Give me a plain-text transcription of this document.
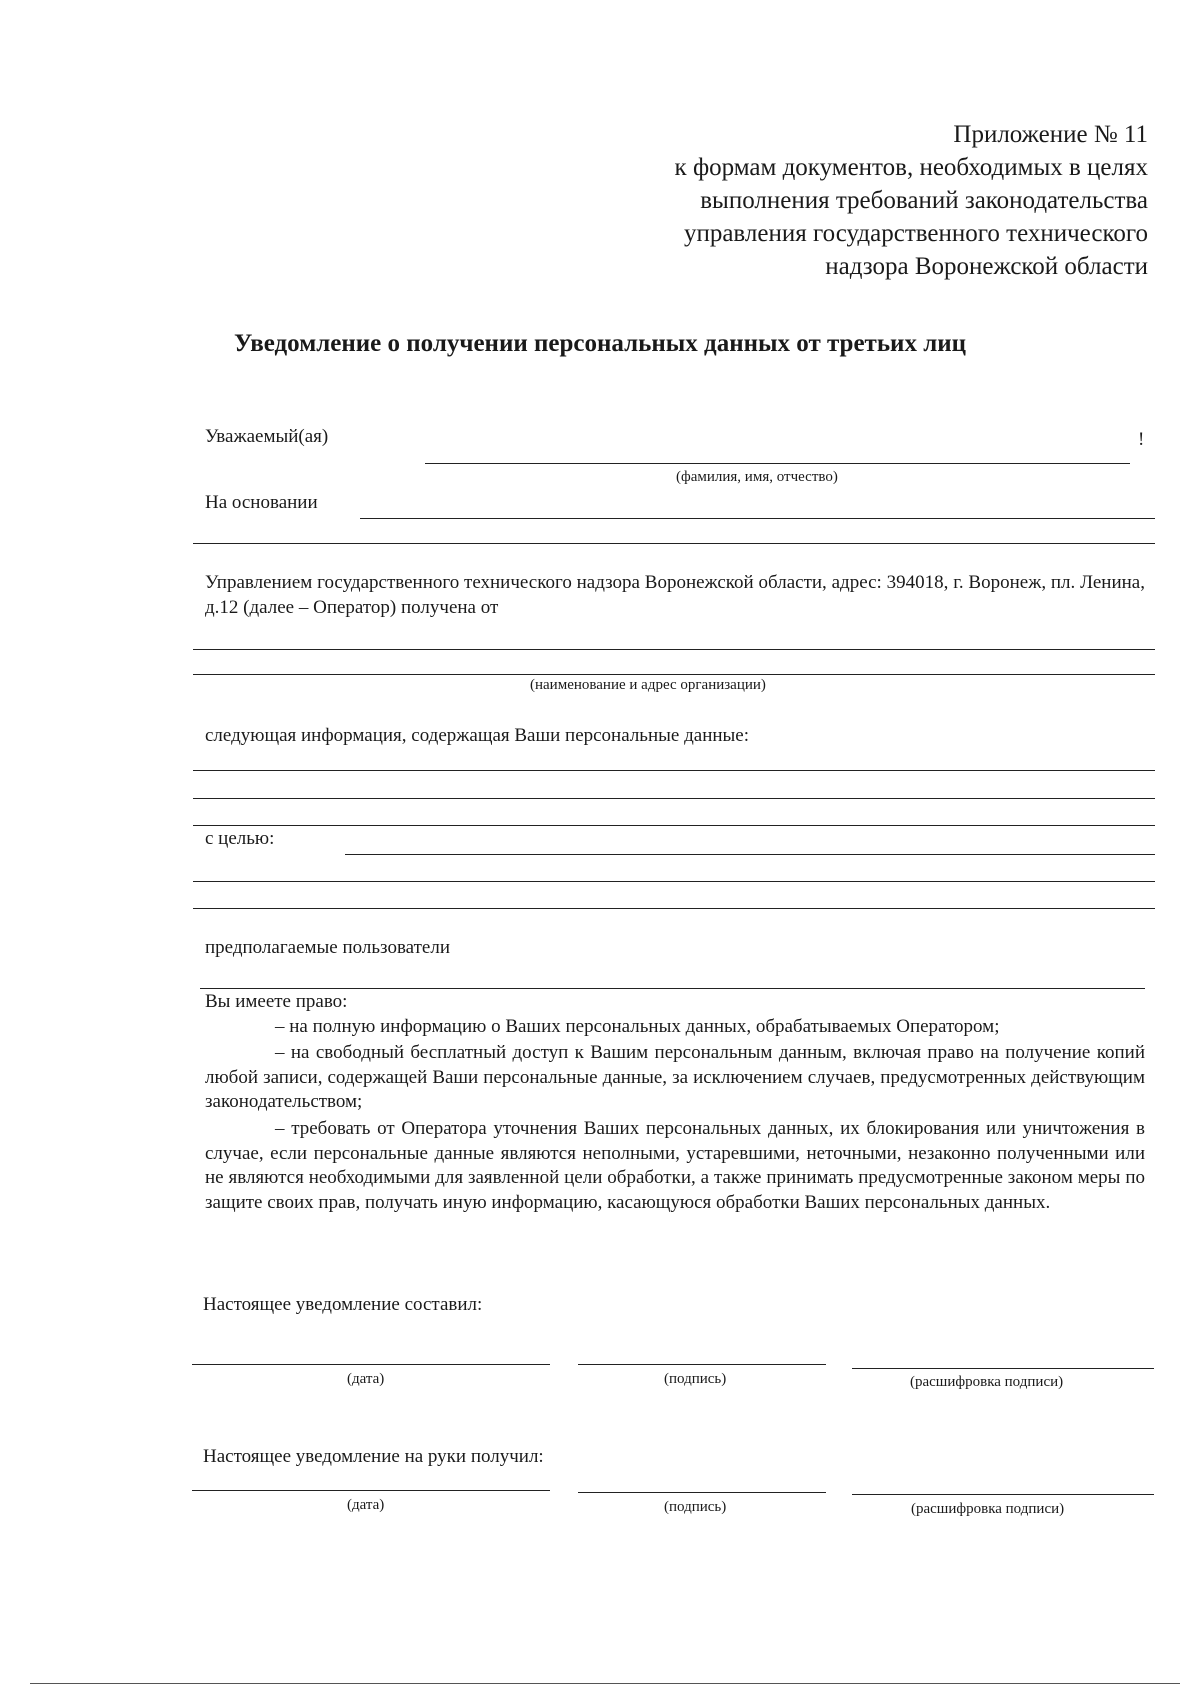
Приложение № 11
к формам документов, необходимых в целях
выполнения требований законодательства
управления государственного технического
надзора Воронежской области
Уведомление о получении персональных данных от третьих лиц
Уважаемый(ая)	!
(фамилия, имя, отчество)
На основании
Управлением государственного технического надзора Воронежской области, адрес: 394018, г. Воронеж, пл. Ленина, д.12 (далее – Оператор) получена от
(наименование и адрес организации)
следующая информация, содержащая Ваши персональные данные:
с целью:
предполагаемые пользователи
Вы имеете право:
– на полную информацию о Ваших персональных данных, обрабатываемых Оператором;
– на свободный бесплатный доступ к Вашим персональным данным, включая право на получение копий любой записи, содержащей Ваши персональные данные, за исключением случаев, предусмотренных действующим законодательством;
– требовать от Оператора уточнения Ваших персональных данных, их блокирования или уничтожения в случае, если персональные данные являются неполными, устаревшими, неточными, незаконно полученными или не являются необходимыми для заявленной цели обработки, а также принимать предусмотренные законом меры по защите своих прав, получать иную информацию, касающуюся обработки Ваших персональных данных.
Настоящее уведомление составил:
(дата)	(подпись)	(расшифровка подписи)
Настоящее уведомление на руки получил:
(дата)	(подпись)	(расшифровка подписи)
